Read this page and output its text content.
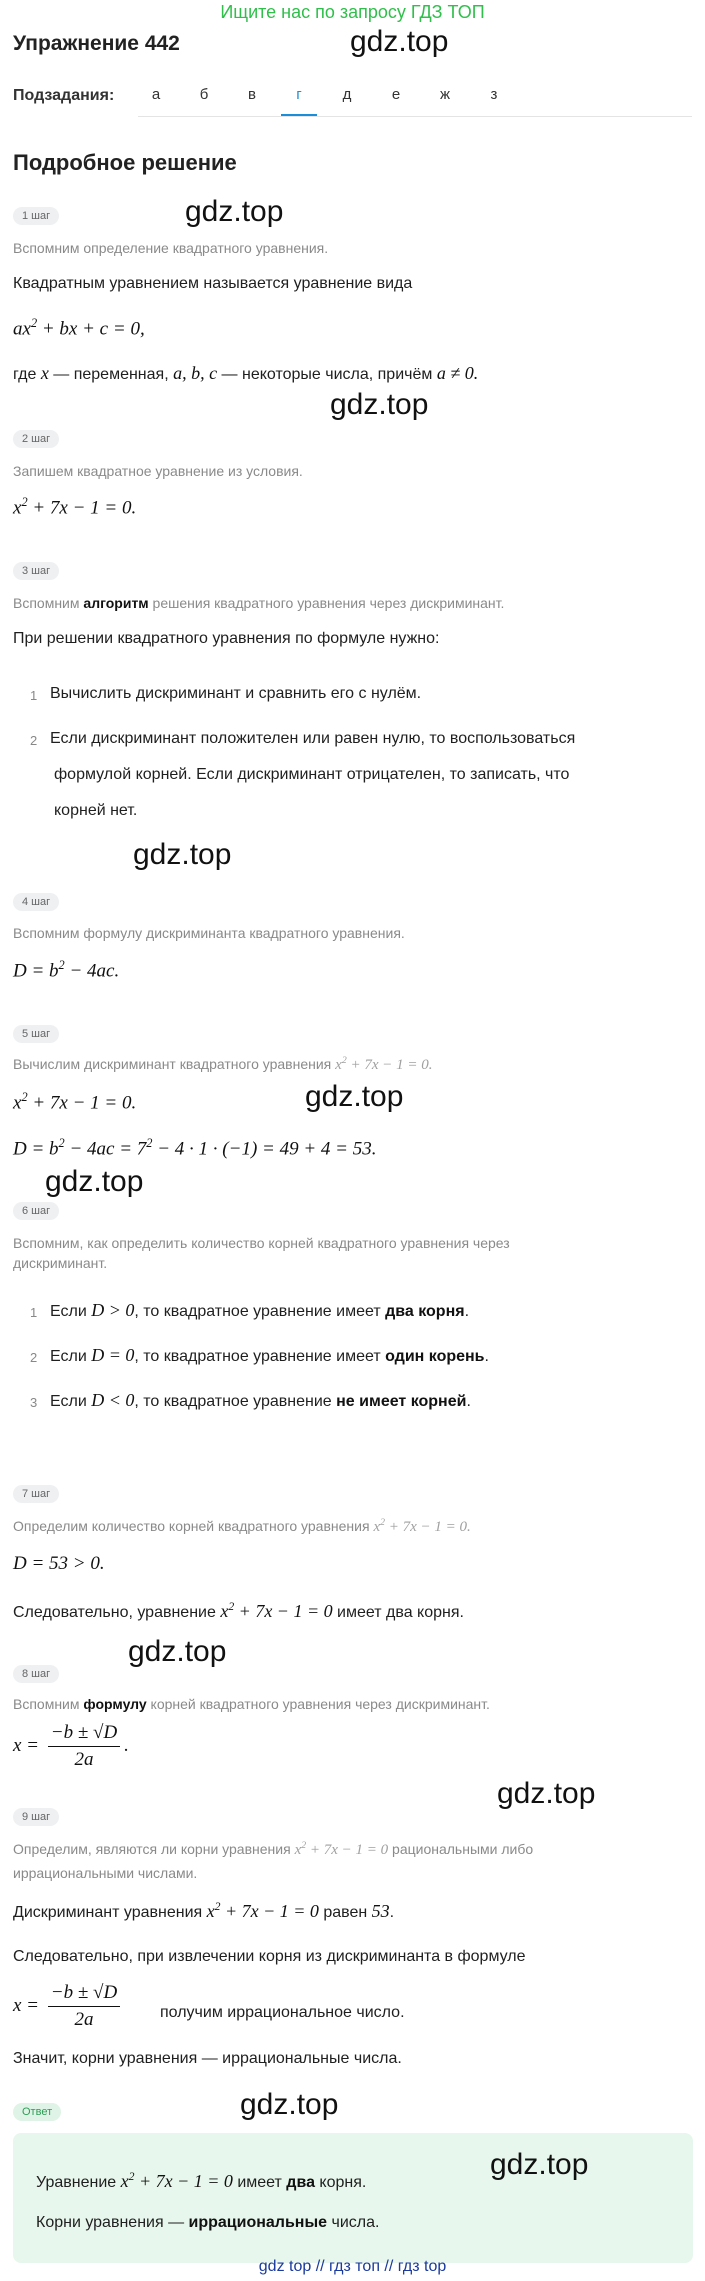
Ищите нас по запросу ГДЗ ТОП
Упражнение 442	gdz.top
Подзадания:	а	б	в	г	д	е	ж	з
Подробное решение
1 шаг	gdz.top
Вспомним определение квадратного уравнения.
Квадратным уравнением называется уравнение вида
$ax^2$ + bx + c = 0,
где x — переменная, a, b, c — некоторые числа, причём a ≠ 0.
gdz.top
2 шаг
Запишем квадратное уравнение из условия.
$x^2 + 7x - 1 = 0$.
3 шаг
Вспомним алгоритм решения квадратного уравнения через дискриминант.
При решении квадратного уравнения по формуле нужно:
1 Вычислить дискриминант и сравнить его с нулём.
2 Если дискриминант положителен или равен нулю, то воспользоваться
формулой корней. Если дискриминант отрицателен, то записать, что
корней нет.
gdz.top
4 шаг
Вспомним формулу дискриминанта квадратного уравнения.
$D = b^2 - 4ac$.
5 шаг
Вычислим дискриминант квадратного уравнения $x^2 + 7x - 1 = 0$.
$x^2 + 7x - 1 = 0$.	gdz.top
$D = b^2 - 4ac = 7^2 - 4 \cdot 1 \cdot (-1) = 49 + 4 = 53$.
gdz.top
6 шаг
Вспомним, как определить количество корней квадратного уравнения через
дискриминант.
1 Если D > 0, то квадратное уравнение имеет два корня.
2 Если D = 0, то квадратное уравнение имеет один корень.
3 Если D < 0, то квадратное уравнение не имеет корней.
7 шаг
Определим количество корней квадратного уравнения $x^2 + 7x - 1 = 0$.
D = 53 > 0.
Следовательно, уравнение $x^2 + 7x - 1 = 0$ имеет два корня.
gdz.top
8 шаг
Вспомним формулу корней квадратного уравнения через дискриминант.
$x = \frac{-b \pm √D}{2a}$ .
gdz.top
9 шаг
Определим, являются ли корни уравнения $x^2 + 7x - 1 = 0$ рациональными либо
иррациональными числами.
Дискриминант уравнения $x^2 + 7x - 1 = 0$ равен 53.
Следовательно, при извлечении корня из дискриминанта в формуле
$x = \frac{-b \pm √D}{2a}$ получим иррациональное число.
Значит, корни уравнения — иррациональные числа.
Ответ	gdz.top
Уравнение $x^2 + 7x - 1 = 0$ имеет два корня.
gdz.top
Корни уравнения — иррациональные числа.
gdz top // гдз топ // гдз top
